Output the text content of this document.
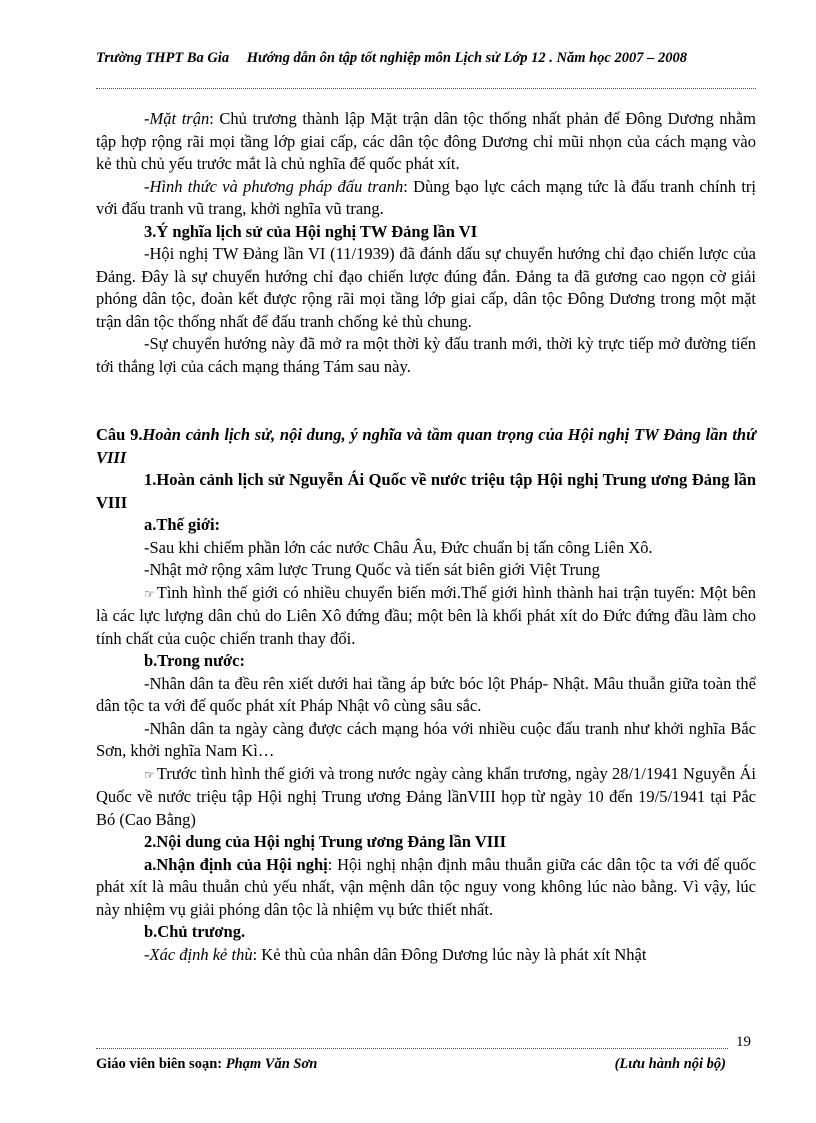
Trường THPT Ba Gia Hướng dẫn ôn tập tốt nghiệp môn Lịch sử Lớp 12 . Năm học 2007 – 2008

-Mặt trận: Chủ trương thành lập Mặt trận dân tộc thống nhất phản đế Đông Dương nhằm tập hợp rộng rãi mọi tầng lớp giai cấp, các dân tộc đông Dương chỉ mũi nhọn của cách mạng vào kẻ thù chủ yếu trước mắt là chủ nghĩa đế quốc phát xít.

-Hình thức và phương pháp đấu tranh: Dùng bạo lực cách mạng tức là đấu tranh chính trị với đấu tranh vũ trang, khởi nghĩa vũ trang.

3.Ý nghĩa lịch sử của Hội nghị TW Đảng lần VI

-Hội nghị TW Đảng lần VI (11/1939) đã đánh dấu sự chuyển hướng chỉ đạo chiến lược của Đảng. Đây là sự chuyển hướng chỉ đạo chiến lược đúng đắn. Đảng ta đã gương cao ngọn cờ giải phóng dân tộc, đoàn kết được rộng rãi mọi tầng lớp giai cấp, dân tộc Đông Dương trong một mặt trận dân tộc thống nhất để đấu tranh chống kẻ thù chung.

-Sự chuyển hướng này đã mở ra một thời kỳ đấu tranh mới, thời kỳ trực tiếp mở đường tiến tới thắng lợi của cách mạng tháng Tám sau này.

Câu 9.Hoàn cảnh lịch sử, nội dung, ý nghĩa và tầm quan trọng của Hội nghị TW Đảng lần thứ VIII

1.Hoàn cảnh lịch sử Nguyễn Ái Quốc về nước triệu tập Hội nghị Trung ương Đảng lần VIII

a.Thế giới:

-Sau khi chiếm phần lớn các nước Châu Âu, Đức chuẩn bị tấn công Liên Xô.

-Nhật mở rộng xâm lược Trung Quốc và tiến sát biên giới Việt Trung

☞ Tình hình thế giới có nhiều chuyển biến mới.Thế giới hình thành hai trận tuyến: Một bên là các lực lượng dân chủ do Liên Xô đứng đầu; một bên là khối phát xít do Đức đứng đầu làm cho tính chất của cuộc chiến tranh thay đổi.

b.Trong nước:

-Nhân dân ta đều rên xiết dưới hai tầng áp bức bóc lột Pháp- Nhật. Mâu thuẫn giữa toàn thể dân tộc ta với đế quốc phát xít Pháp Nhật vô cùng sâu sắc.

-Nhân dân ta ngày càng được cách mạng hóa với nhiều cuộc đấu tranh như khởi nghĩa Bắc Sơn, khởi nghĩa Nam Kì…

☞ Trước tình hình thế giới và trong nước ngày càng khẩn trương, ngày 28/1/1941 Nguyễn Ái Quốc về nước triệu tập Hội nghị Trung ương Đảng lầnVIII họp từ ngày 10 đến 19/5/1941 tại Pắc Bó (Cao Bằng)

2.Nội dung của Hội nghị Trung ương Đảng lần VIII

a.Nhận định của Hội nghị: Hội nghị nhận định mâu thuẫn giữa các dân tộc ta với đế quốc phát xít là mâu thuẫn chủ yếu nhất, vận mệnh dân tộc nguy vong không lúc nào bằng. Vì vậy, lúc này nhiệm vụ giải phóng dân tộc là nhiệm vụ bức thiết nhất.

b.Chủ trương.

-Xác định kẻ thù: Kẻ thù của nhân dân Đông Dương lúc này là phát xít Nhật

19
Giáo viên biên soạn: Phạm Văn Sơn	(Lưu hành nội bộ)
